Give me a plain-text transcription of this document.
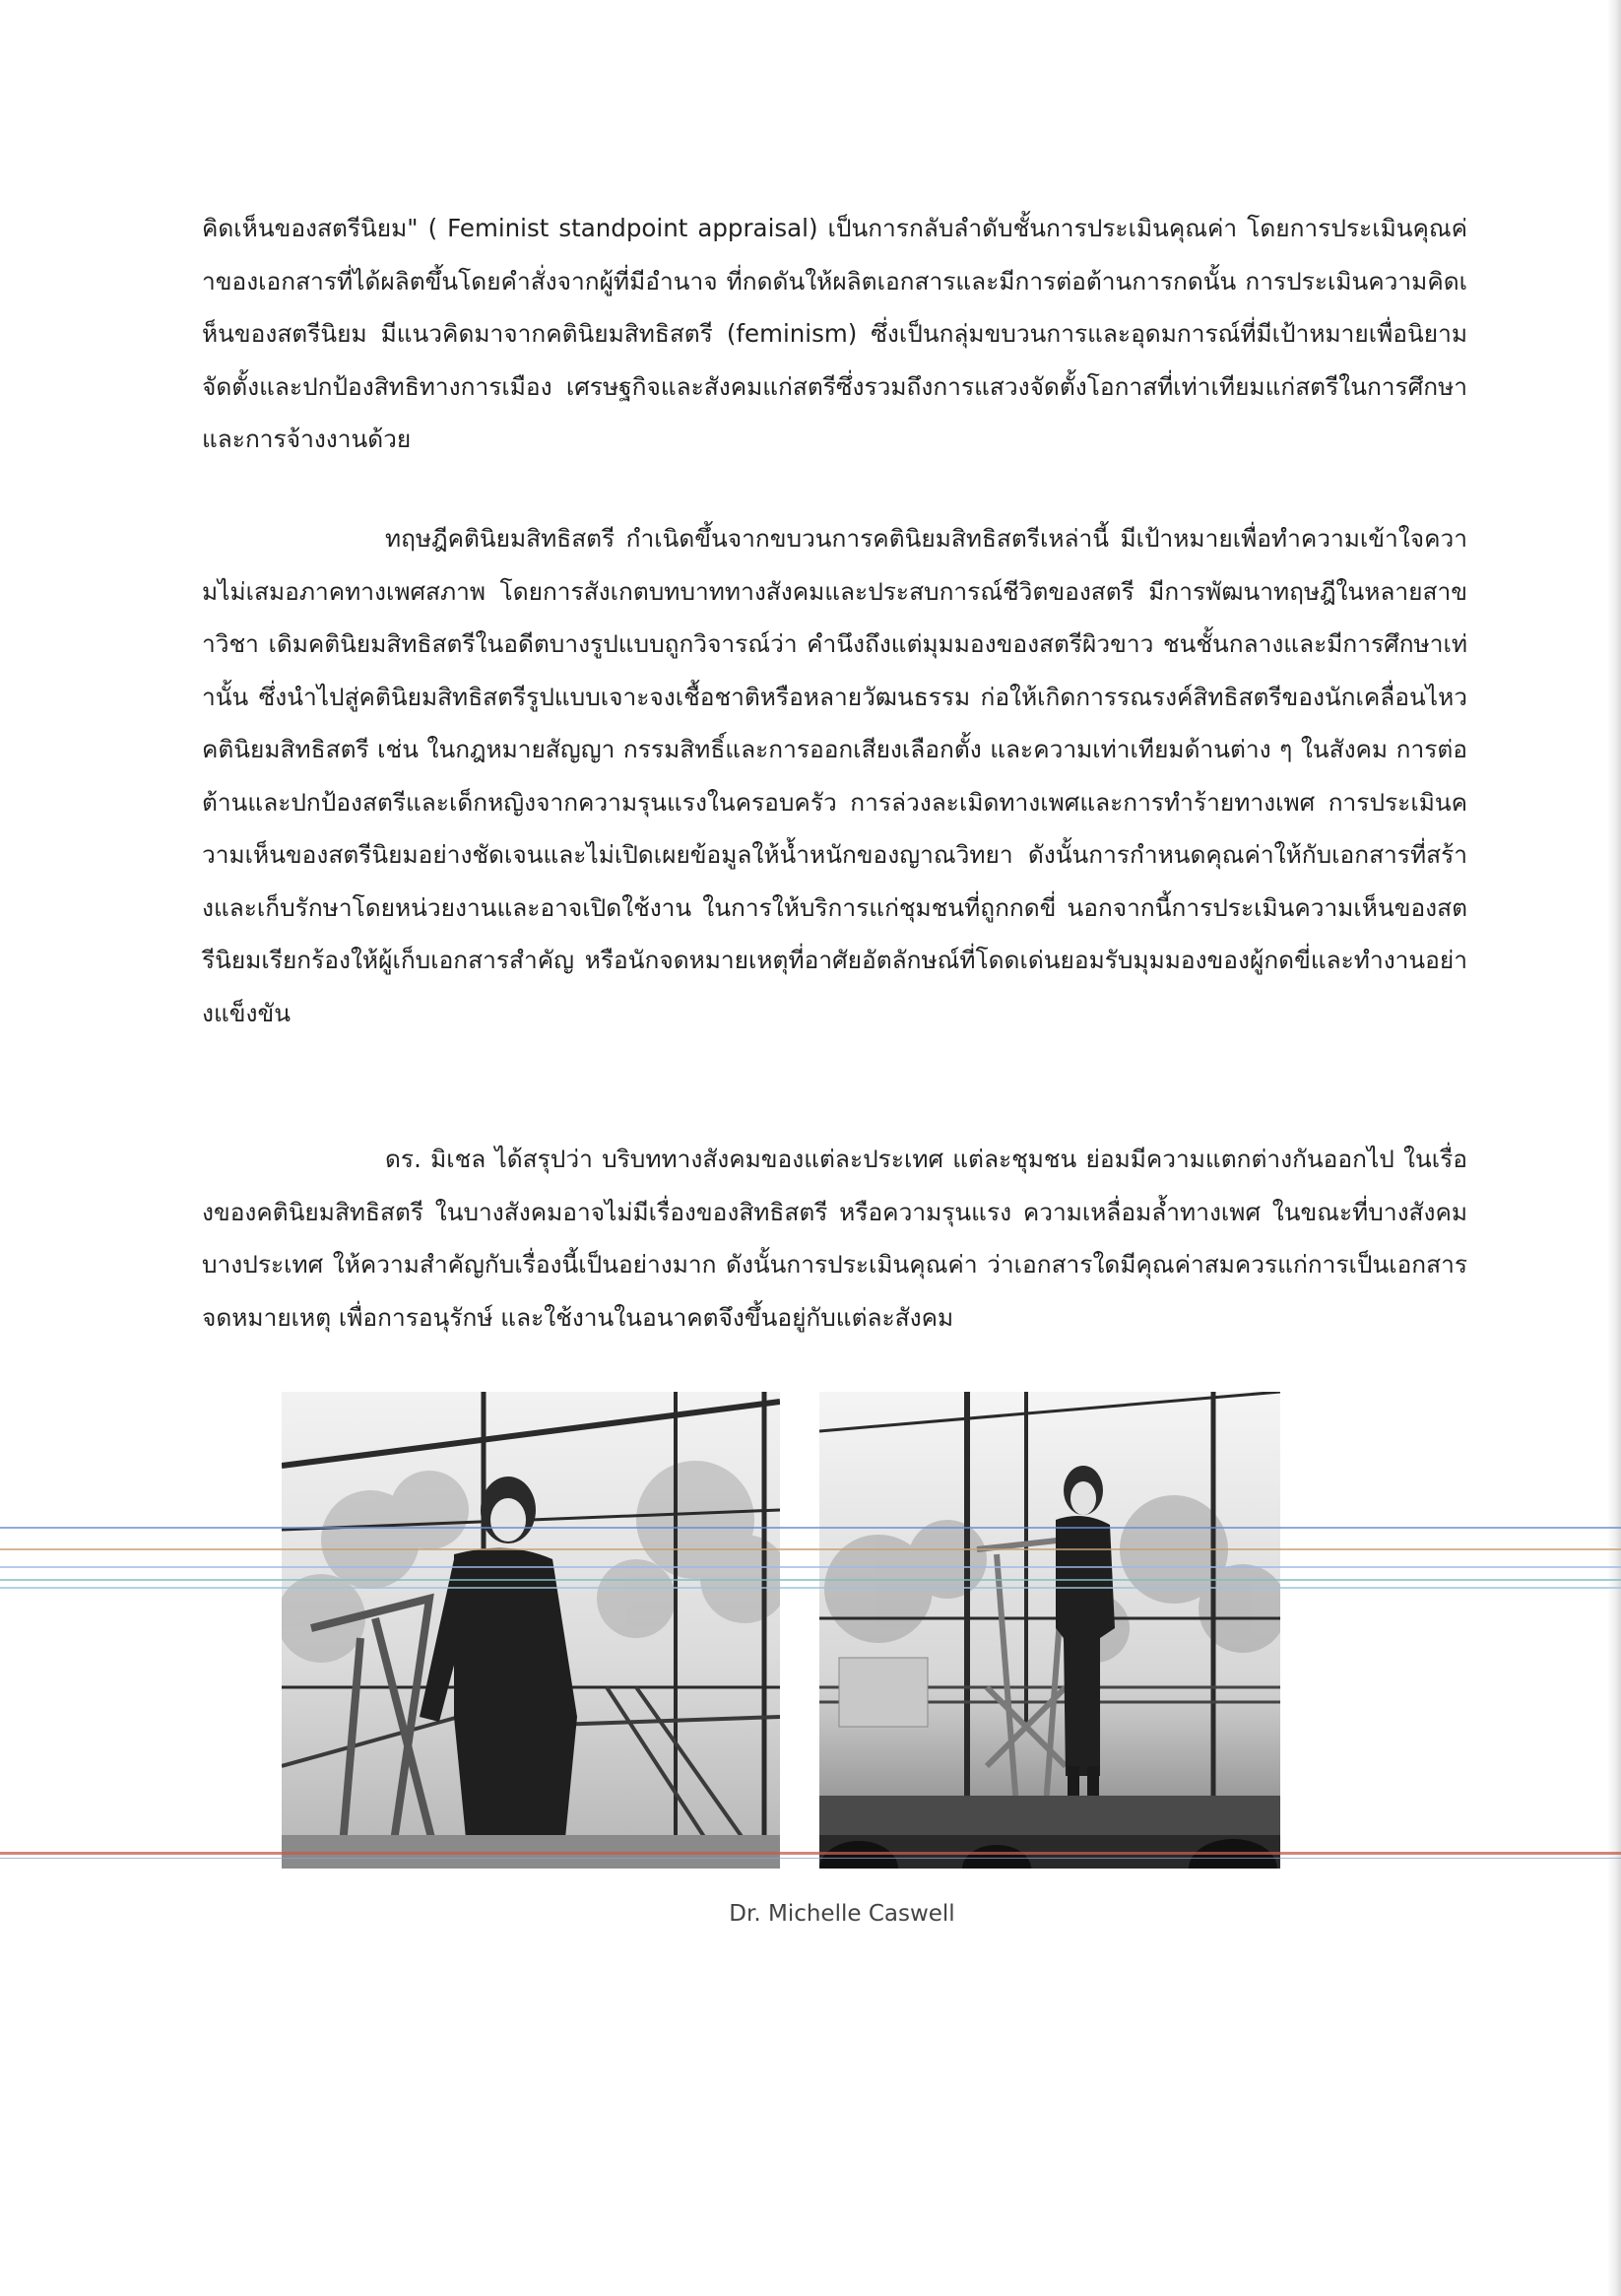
คิดเห็นของสตรีนิยม" ( Feminist standpoint appraisal) เป็นการกลับลำดับชั้นการประเมินคุณค่า โดยการประเมินคุณค่าของเอกสารที่ได้ผลิตขึ้นโดยคำสั่งจากผู้ที่มีอำนาจ ที่กดดันให้ผลิตเอกสารและมีการต่อต้านการกดนั้น การประเมินความคิดเห็นของสตรีนิยม มีแนวคิดมาจากคตินิยมสิทธิสตรี (feminism) ซึ่งเป็นกลุ่มขบวนการและอุดมการณ์ที่มีเป้าหมายเพื่อนิยาม จัดตั้งและปกป้องสิทธิทางการเมือง เศรษฐกิจและสังคมแก่สตรีซึ่งรวมถึงการแสวงจัดตั้งโอกาสที่เท่าเทียมแก่สตรีในการศึกษาและการจ้างงานด้วย

ทฤษฎีคตินิยมสิทธิสตรี กำเนิดขึ้นจากขบวนการคตินิยมสิทธิสตรีเหล่านี้ มีเป้าหมายเพื่อทำความเข้าใจความไม่เสมอภาคทางเพศสภาพ โดยการสังเกตบทบาททางสังคมและประสบการณ์ชีวิตของสตรี มีการพัฒนาทฤษฎีในหลายสาขาวิชา เดิมคตินิยมสิทธิสตรีในอดีตบางรูปแบบถูกวิจารณ์ว่า คำนึงถึงแต่มุมมองของสตรีผิวขาว ชนชั้นกลางและมีการศึกษาเท่านั้น ซึ่งนำไปสู่คตินิยมสิทธิสตรีรูปแบบเจาะจงเชื้อชาติหรือหลายวัฒนธรรม ก่อให้เกิดการรณรงค์สิทธิสตรีของนักเคลื่อนไหวคตินิยมสิทธิสตรี เช่น ในกฎหมายสัญญา กรรมสิทธิ์และการออกเสียงเลือกตั้ง และความเท่าเทียมด้านต่าง ๆ ในสังคม การต่อต้านและปกป้องสตรีและเด็กหญิงจากความรุนแรงในครอบครัว การล่วงละเมิดทางเพศและการทำร้ายทางเพศ การประเมินความเห็นของสตรีนิยมอย่างชัดเจนและไม่เปิดเผยข้อมูลให้น้ำหนักของญาณวิทยา ดังนั้นการกำหนดคุณค่าให้กับเอกสารที่สร้างและเก็บรักษาโดยหน่วยงานและอาจเปิดใช้งาน ในการให้บริการแก่ชุมชนที่ถูกกดขี่ นอกจากนี้การประเมินความเห็นของสตรีนิยมเรียกร้องให้ผู้เก็บเอกสารสำคัญ หรือนักจดหมายเหตุที่อาศัยอัตลักษณ์ที่โดดเด่นยอมรับมุมมองของผู้กดขี่และทำงานอย่างแข็งขัน

ดร. มิเชล ได้สรุปว่า บริบททางสังคมของแต่ละประเทศ แต่ละชุมชน ย่อมมีความแตกต่างกันออกไป ในเรื่องของคตินิยมสิทธิสตรี ในบางสังคมอาจไม่มีเรื่องของสิทธิสตรี หรือความรุนแรง ความเหลื่อมล้ำทางเพศ ในขณะที่บางสังคม บางประเทศ ให้ความสำคัญกับเรื่องนี้เป็นอย่างมาก ดังนั้นการประเมินคุณค่า ว่าเอกสารใดมีคุณค่าสมควรแก่การเป็นเอกสารจดหมายเหตุ เพื่อการอนุรักษ์ และใช้งานในอนาคตจึงขึ้นอยู่กับแต่ละสังคม

Dr. Michelle Caswell
